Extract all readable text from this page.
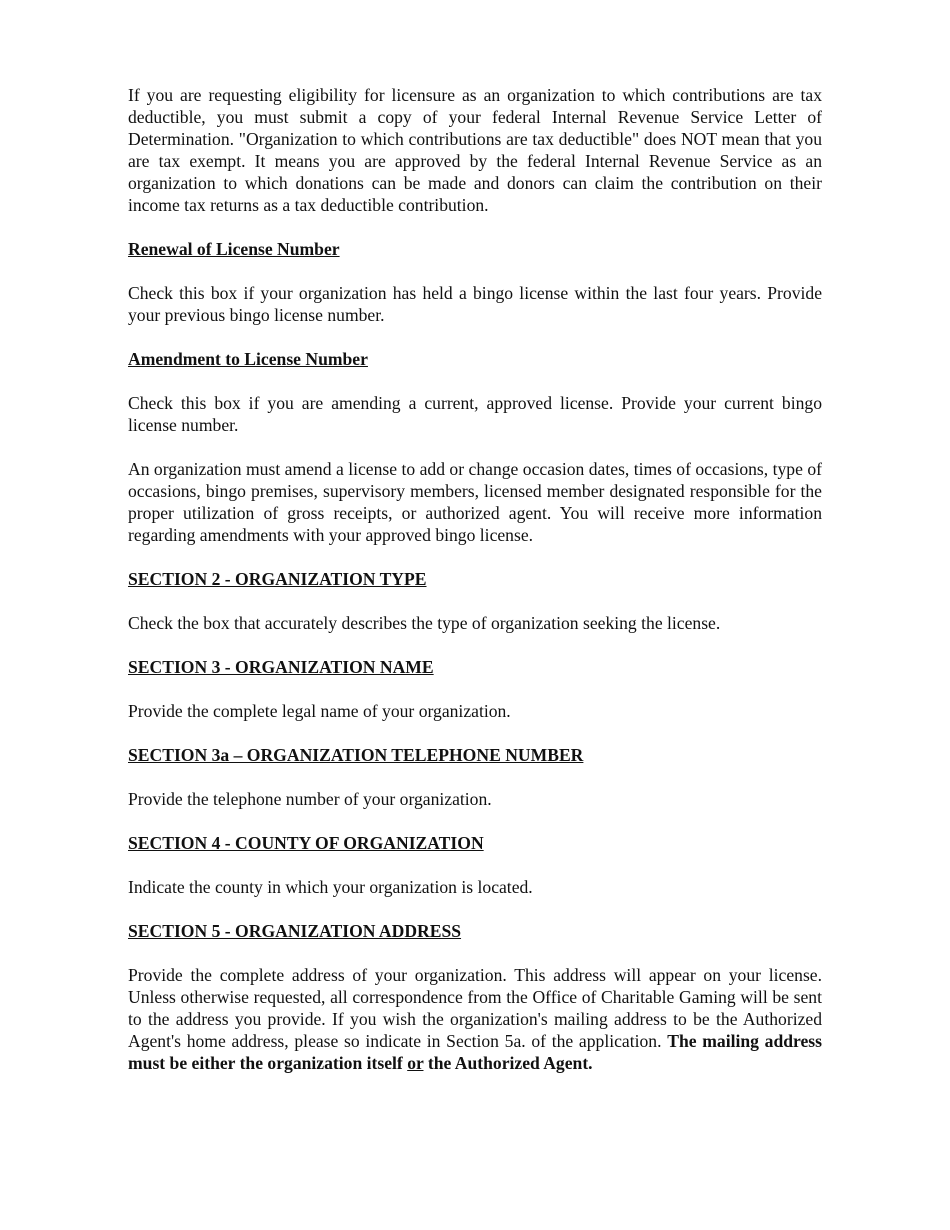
If you are requesting eligibility for licensure as an organization to which contributions are tax deductible, you must submit a copy of your federal Internal Revenue Service Letter of Determination. "Organization to which contributions are tax deductible" does NOT mean that you are tax exempt. It means you are approved by the federal Internal Revenue Service as an organization to which donations can be made and donors can claim the contribution on their income tax returns as a tax deductible contribution.

Renewal of License Number

Check this box if your organization has held a bingo license within the last four years. Provide your previous bingo license number.

Amendment to License Number

Check this box if you are amending a current, approved license. Provide your current bingo license number.

An organization must amend a license to add or change occasion dates, times of occasions, type of occasions, bingo premises, supervisory members, licensed member designated responsible for the proper utilization of gross receipts, or authorized agent. You will receive more information regarding amendments with your approved bingo license.

SECTION 2 - ORGANIZATION TYPE

Check the box that accurately describes the type of organization seeking the license.

SECTION 3 - ORGANIZATION NAME

Provide the complete legal name of your organization.

SECTION 3a – ORGANIZATION TELEPHONE NUMBER

Provide the telephone number of your organization.

SECTION 4 - COUNTY OF ORGANIZATION

Indicate the county in which your organization is located.

SECTION 5 - ORGANIZATION ADDRESS

Provide the complete address of your organization. This address will appear on your license. Unless otherwise requested, all correspondence from the Office of Charitable Gaming will be sent to the address you provide. If you wish the organization's mailing address to be the Authorized Agent's home address, please so indicate in Section 5a. of the application. The mailing address must be either the organization itself or the Authorized Agent.
